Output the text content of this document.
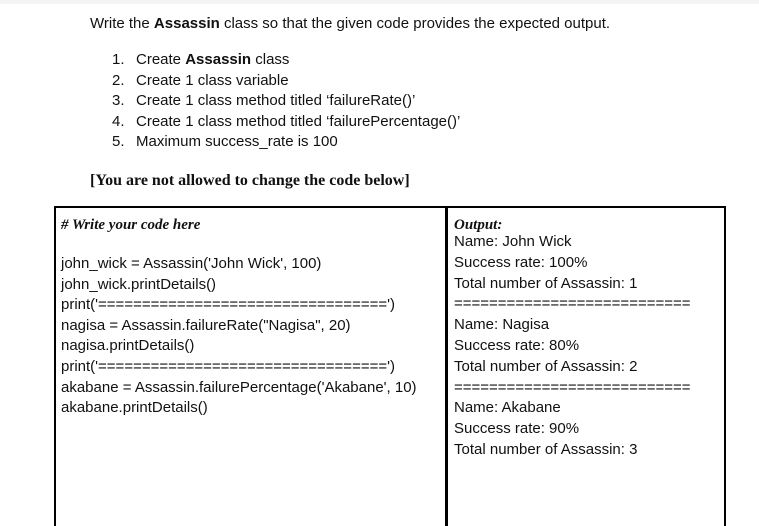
Write the Assassin class so that the given code provides the expected output.
1. Create Assassin class
2. Create 1 class variable
3. Create 1 class method titled ‘failureRate()’
4. Create 1 class method titled ‘failurePercentage()’
5. Maximum success_rate is 100
[You are not allowed to change the code below]
# Write your code here
john_wick = Assassin('John Wick', 100)
john_wick.printDetails()
print('=================================')
nagisa = Assassin.failureRate("Nagisa", 20)
nagisa.printDetails()
print('=================================')
akabane = Assassin.failurePercentage('Akabane', 10)
akabane.printDetails()
Output:
Name: John Wick
Success rate: 100%
Total number of Assassin: 1
===========================
Name: Nagisa
Success rate: 80%
Total number of Assassin: 2
===========================
Name: Akabane
Success rate: 90%
Total number of Assassin: 3
